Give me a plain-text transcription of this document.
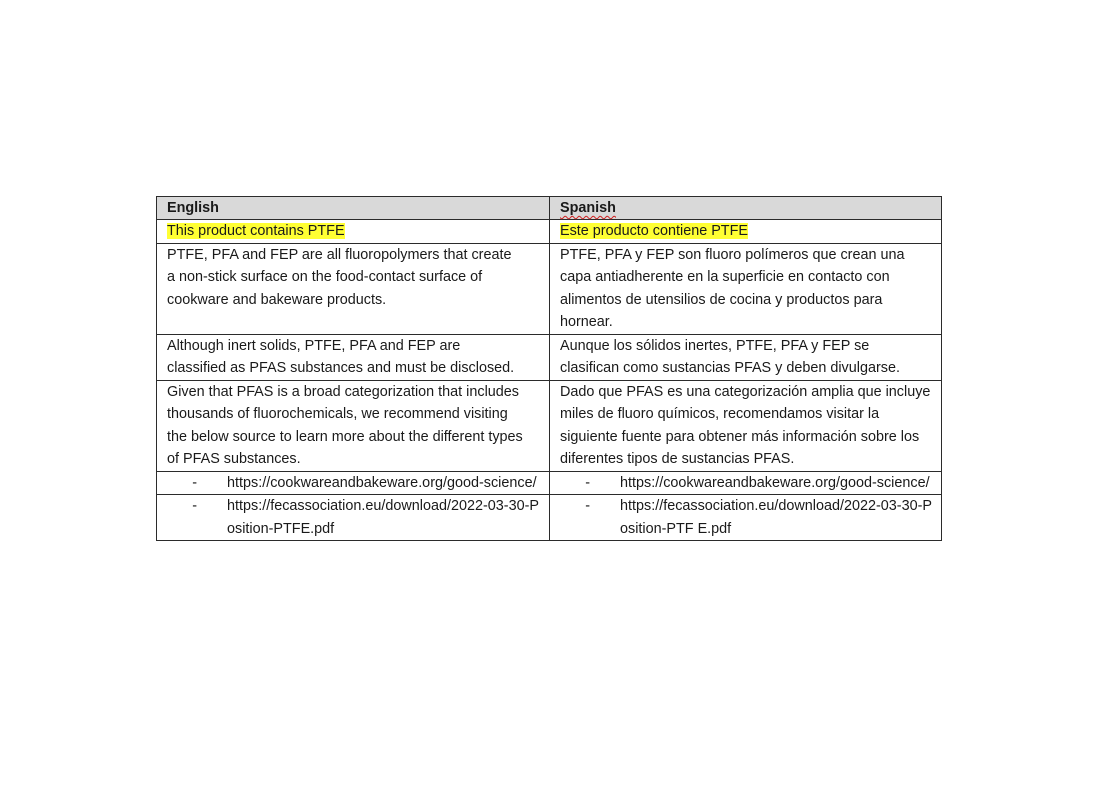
English	Spanish
This product contains PTFE	Este producto contiene PTFE

PTFE, PFA and FEP are all fluoropolymers that create a non-stick surface on the food-contact surface of cookware and bakeware products.	PTFE, PFA y FEP son fluoro polímeros que crean una capa antiadherente en la superficie en contacto con alimentos de utensilios de cocina y productos para hornear.

Although inert solids, PTFE, PFA and FEP are classified as PFAS substances and must be disclosed.	Aunque los sólidos inertes, PTFE, PFA y FEP se clasifican como sustancias PFAS y deben divulgarse.

Given that PFAS is a broad categorization that includes thousands of fluorochemicals, we recommend visiting the below source to learn more about the different types of PFAS substances.	Dado que PFAS es una categorización amplia que incluye miles de fluoro químicos, recomendamos visitar la siguiente fuente para obtener más información sobre los diferentes tipos de sustancias PFAS.

- https://cookwareandbakeware.org/good-science/	- https://cookwareandbakeware.org/good-science/

- https://fecassociation.eu/download/2022-03-30-Position-PTFE.pdf	- https://fecassociation.eu/download/2022-03-30-Position-PTF E.pdf
